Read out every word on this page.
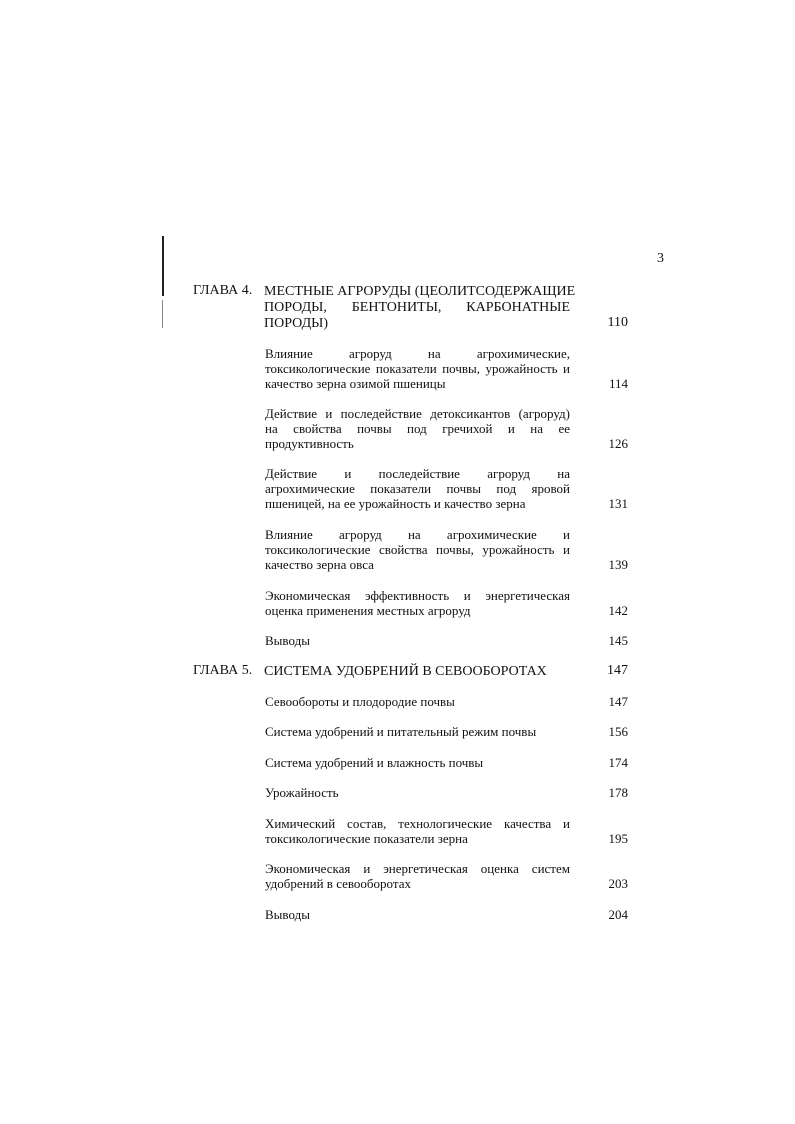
3
ГЛАВА 4. МЕСТНЫЕ АГРОРУДЫ (ЦЕОЛИТСОДЕРЖАЩИЕ
ПОРОДЫ, БЕНТОНИТЫ, КАРБОНАТНЫЕ
ПОРОДЫ)	110
Влияние агроруд на агрохимические,
токсикологические показатели почвы, урожайность и
качество зерна озимой пшеницы	114
Действие и последействие детоксикантов (агроруд)
на свойства почвы под гречихой и на ее
продуктивность	126
Действие и последействие агроруд на
агрохимические показатели почвы под яровой
пшеницей, на ее урожайность и качество зерна	131
Влияние агроруд на агрохимические и
токсикологические свойства почвы, урожайность и
качество зерна овса	139
Экономическая эффективность и энергетическая
оценка применения местных агроруд	142
Выводы	145
ГЛАВА 5. СИСТЕМА УДОБРЕНИЙ В СЕВООБОРОТАХ	147
Севообороты и плодородие почвы	147
Система удобрений и питательный режим почвы	156
Система удобрений и влажность почвы	174
Урожайность	178
Химический состав, технологические качества и
токсикологические показатели зерна	195
Экономическая и энергетическая оценка систем
удобрений в севооборотах	203
Выводы	204
